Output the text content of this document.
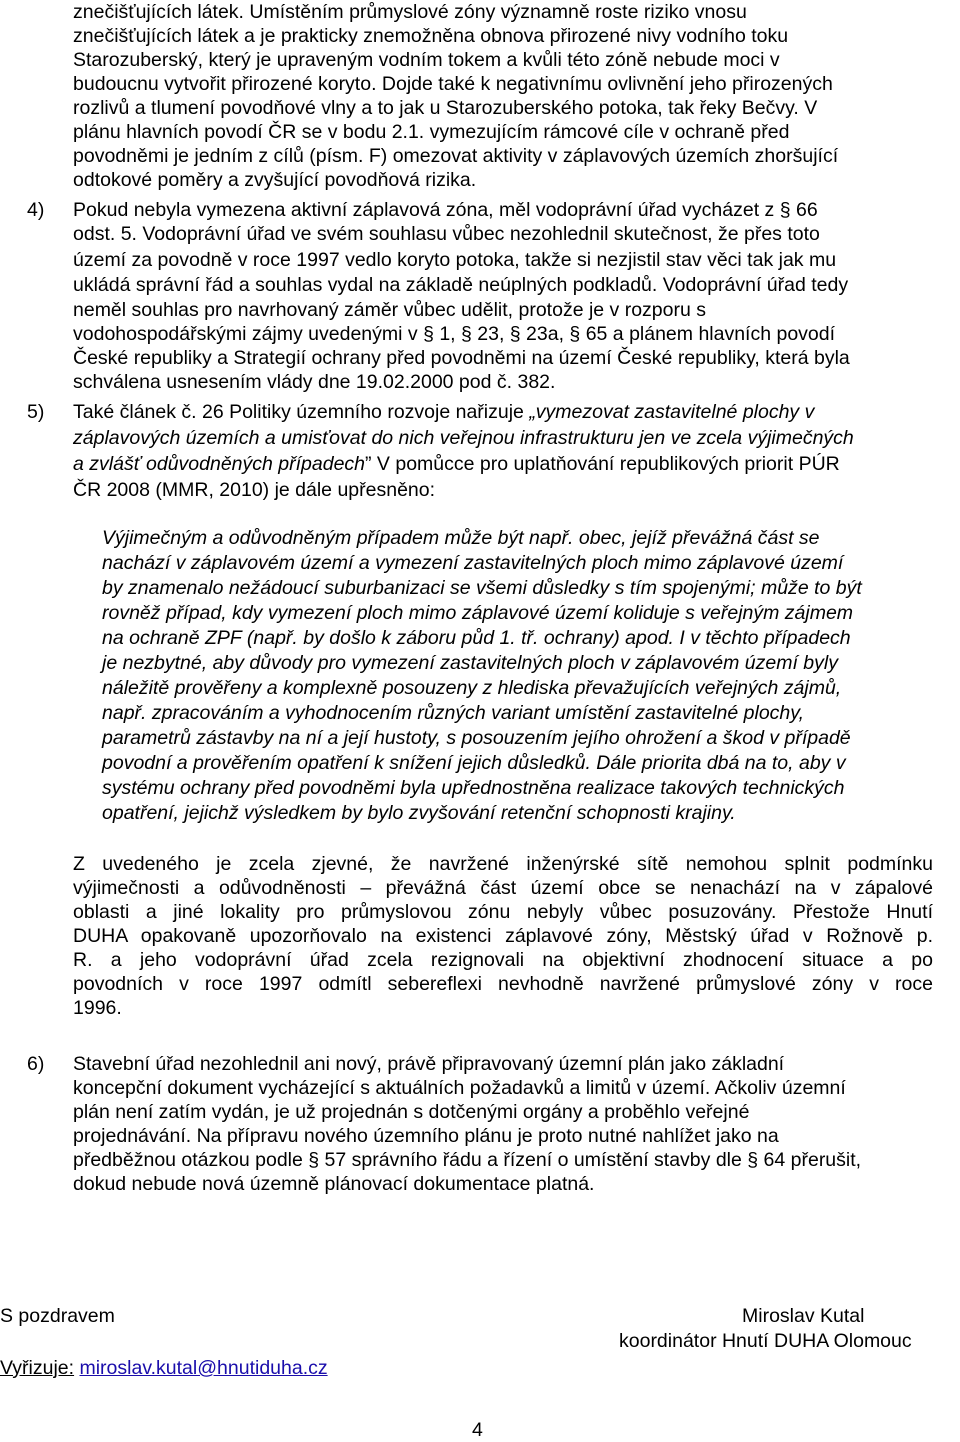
znečišťujících látek. Umístěním průmyslové zóny významně roste riziko vnosu
znečišťujících látek a je prakticky znemožněna obnova přirozené nivy vodního toku
Starozuberský, který je upraveným vodním tokem a kvůli této zóně nebude moci v
budoucnu vytvořit přirozené koryto. Dojde také k negativnímu ovlivnění jeho přirozených
rozlivů a tlumení povodňové vlny a to jak u Starozuberského potoka, tak řeky Bečvy. V
plánu hlavních povodí ČR se v bodu 2.1. vymezujícím rámcové cíle v ochraně před
povodněmi je jedním z cílů (písm. F) omezovat aktivity v záplavových územích zhoršující
odtokové poměry a zvyšující povodňová rizika.
4) Pokud nebyla vymezena aktivní záplavová zóna, měl vodoprávní úřad vycházet z § 66
odst. 5. Vodoprávní úřad ve svém souhlasu vůbec nezohlednil skutečnost, že přes toto
území za povodně v roce 1997 vedlo koryto potoka, takže si nezjistil stav věci tak jak mu
ukládá správní řád a souhlas vydal na základě neúplných podkladů. Vodoprávní úřad tedy
neměl souhlas pro navrhovaný záměr vůbec udělit, protože je v rozporu s
vodohospodářskými zájmy uvedenými v § 1, § 23, § 23a, § 65 a plánem hlavních povodí
České republiky a Strategií ochrany před povodněmi na území České republiky, která byla
schválena usnesením vlády dne 19.02.2000 pod č. 382.
5) Také článek č. 26 Politiky územního rozvoje nařizuje „vymezovat zastavitelné plochy v
záplavových územích a umisťovat do nich veřejnou infrastrukturu jen ve zcela výjimečných
a zvlášť odůvodněných případech” V pomůcce pro uplatňování republikových priorit PÚR
ČR 2008 (MMR, 2010) je dále upřesněno:
Výjimečným a odůvodněným případem může být např. obec, jejíž převážná část se
nachází v záplavovém území a vymezení zastavitelných ploch mimo záplavové území
by znamenalo nežádoucí suburbanizaci se všemi důsledky s tím spojenými; může to být
rovněž případ, kdy vymezení ploch mimo záplavové území koliduje s veřejným zájmem
na ochraně ZPF (např. by došlo k záboru půd 1. tř. ochrany) apod. I v těchto případech
je nezbytné, aby důvody pro vymezení zastavitelných ploch v záplavovém území byly
náležitě prověřeny a komplexně posouzeny z hlediska převažujících veřejných zájmů,
např. zpracováním a vyhodnocením různých variant umístění zastavitelné plochy,
parametrů zástavby na ní a její hustoty, s posouzením jejího ohrožení a škod v případě
povodní a prověřením opatření k snížení jejich důsledků. Dále priorita dbá na to, aby v
systému ochrany před povodněmi byla upřednostněna realizace takových technických
opatření, jejichž výsledkem by bylo zvyšování retenční schopnosti krajiny.
Z uvedeného je zcela zjevné, že navržené inženýrské sítě nemohou splnit podmínku
výjimečnosti a odůvodněnosti – převážná část území obce se nenachází na v zápalové
oblasti a jiné lokality pro průmyslovou zónu nebyly vůbec posuzovány. Přestože Hnutí
DUHA opakovaně upozorňovalo na existenci záplavové zóny, Městský úřad v Rožnově p.
R. a jeho vodoprávní úřad zcela rezignovali na objektivní zhodnocení situace a po
povodních v roce 1997 odmítl sebereflexi nevhodně navržené průmyslové zóny v roce
1996.
6) Stavební úřad nezohlednil ani nový, právě připravovaný územní plán jako základní
koncepční dokument vycházející s aktuálních požadavků a limitů v území. Ačkoliv územní
plán není zatím vydán, je už projednán s dotčenými orgány a proběhlo veřejné
projednávání. Na přípravu nového územního plánu je proto nutné nahlížet jako na
předběžnou otázkou podle § 57 správního řádu a řízení o umístění stavby dle § 64 přerušit,
dokud nebude nová územně plánovací dokumentace platná.
S pozdravem	Miroslav Kutal
koordinátor Hnutí DUHA Olomouc
Vyřizuje: miroslav.kutal@hnutiduha.cz
4
